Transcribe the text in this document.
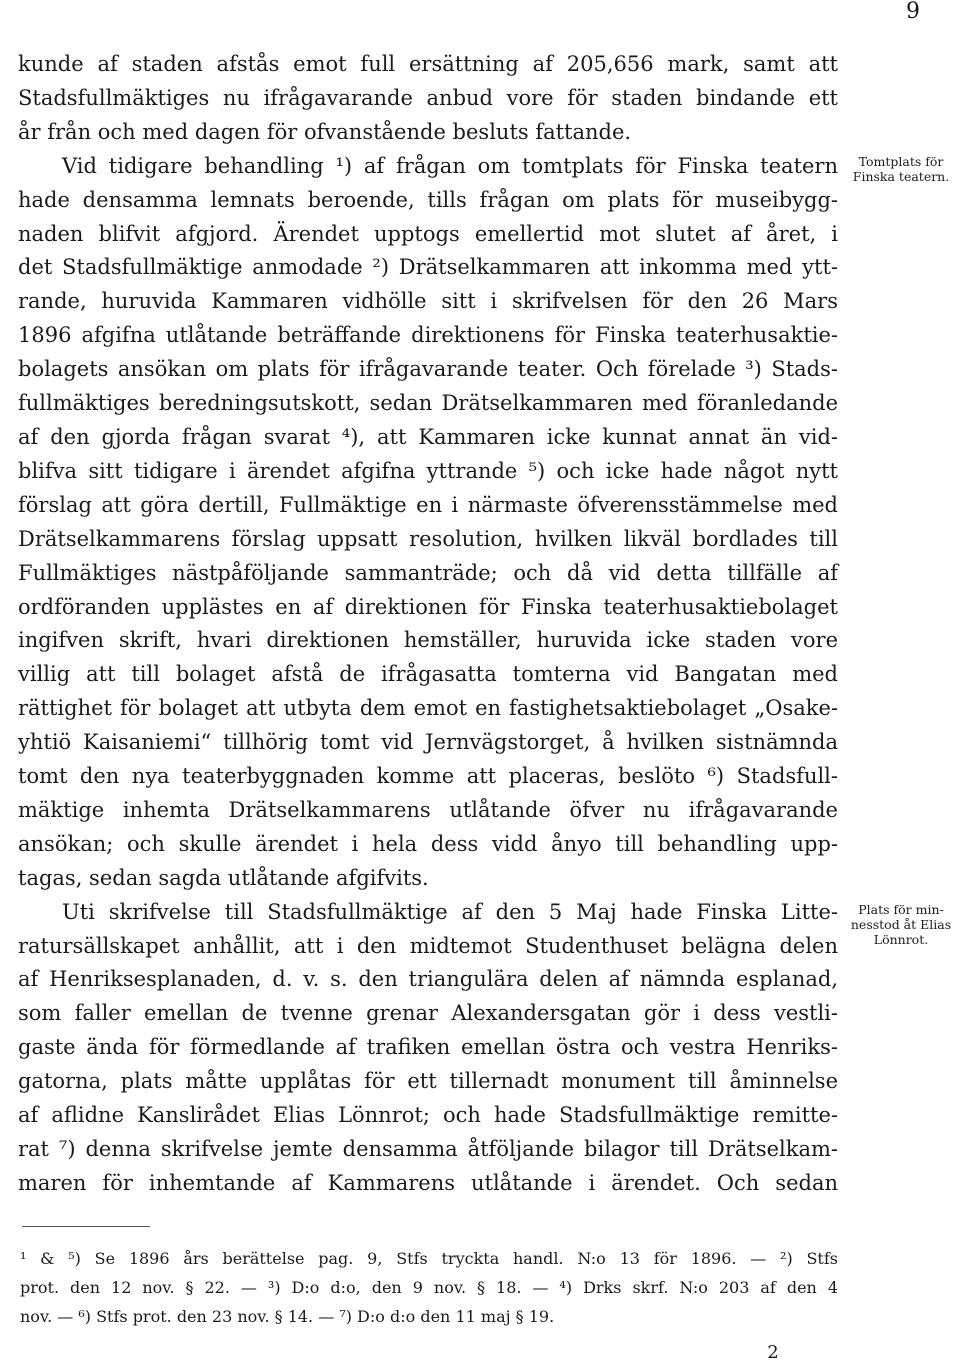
9
kunde af staden afstås emot full ersättning af 205,656 mark, samt att
Stadsfullmäktiges nu ifrågavarande anbud vore för staden bindande ett
år från och med dagen för ofvanstående besluts fattande.
Vid tidigare behandling ¹) af frågan om tomtplats för Finska teatern
hade densamma lemnats beroende, tills frågan om plats för museibygg-
naden blifvit afgjord. Ärendet upptogs emellertid mot slutet af året, i
det Stadsfullmäktige anmodade ²) Drätselkammaren att inkomma med ytt-
rande, huruvida Kammaren vidhölle sitt i skrifvelsen för den 26 Mars
1896 afgifna utlåtande beträffande direktionens för Finska teaterhusaktie-
bolagets ansökan om plats för ifrågavarande teater. Och förelade ³) Stads-
fullmäktiges beredningsutskott, sedan Drätselkammaren med föranledande
af den gjorda frågan svarat ⁴), att Kammaren icke kunnat annat än vid-
blifva sitt tidigare i ärendet afgifna yttrande ⁵) och icke hade något nytt
förslag att göra dertill, Fullmäktige en i närmaste öfverensstämmelse med
Drätselkammarens förslag uppsatt resolution, hvilken likväl bordlades till
Fullmäktiges nästpåföljande sammanträde; och då vid detta tillfälle af
ordföranden upplästes en af direktionen för Finska teaterhusaktiebolaget
ingifven skrift, hvari direktionen hemställer, huruvida icke staden vore
villig att till bolaget afstå de ifrågasatta tomterna vid Bangatan med
rättighet för bolaget att utbyta dem emot en fastighetsaktiebolaget „Osake-
yhtiö Kaisaniemi“ tillhörig tomt vid Jernvägstorget, å hvilken sistnämnda
tomt den nya teaterbyggnaden komme att placeras, beslöto ⁶) Stadsfull-
mäktige inhemta Drätselkammarens utlåtande öfver nu ifrågavarande
ansökan; och skulle ärendet i hela dess vidd ånyo till behandling upp-
tagas, sedan sagda utlåtande afgifvits.
Uti skrifvelse till Stadsfullmäktige af den 5 Maj hade Finska Litte-
ratursällskapet anhållit, att i den midtemot Studenthuset belägna delen
af Henriksesplanaden, d. v. s. den triangulära delen af nämnda esplanad,
som faller emellan de tvenne grenar Alexandersgatan gör i dess vestli-
gaste ända för förmedlande af trafiken emellan östra och vestra Henriks-
gatorna, plats måtte upplåtas för ett tillernadt monument till åminnelse
af aflidne Kanslirådet Elias Lönnrot; och hade Stadsfullmäktige remitte-
rat ⁷) denna skrifvelse jemte densamma åtföljande bilagor till Drätselkam-
maren för inhemtande af Kammarens utlåtande i ärendet. Och sedan
Tomtplats för
Finska teatern.
Plats för min-
nesstod åt Elias
Lönnrot.
¹ & ⁵) Se 1896 års berättelse pag. 9, Stfs tryckta handl. N:o 13 för 1896. — ²) Stfs
prot. den 12 nov. § 22. — ³) D:o d:o, den 9 nov. § 18. — ⁴) Drks skrf. N:o 203 af den 4
nov. — ⁶) Stfs prot. den 23 nov. § 14. — ⁷) D:o d:o den 11 maj § 19.
2
